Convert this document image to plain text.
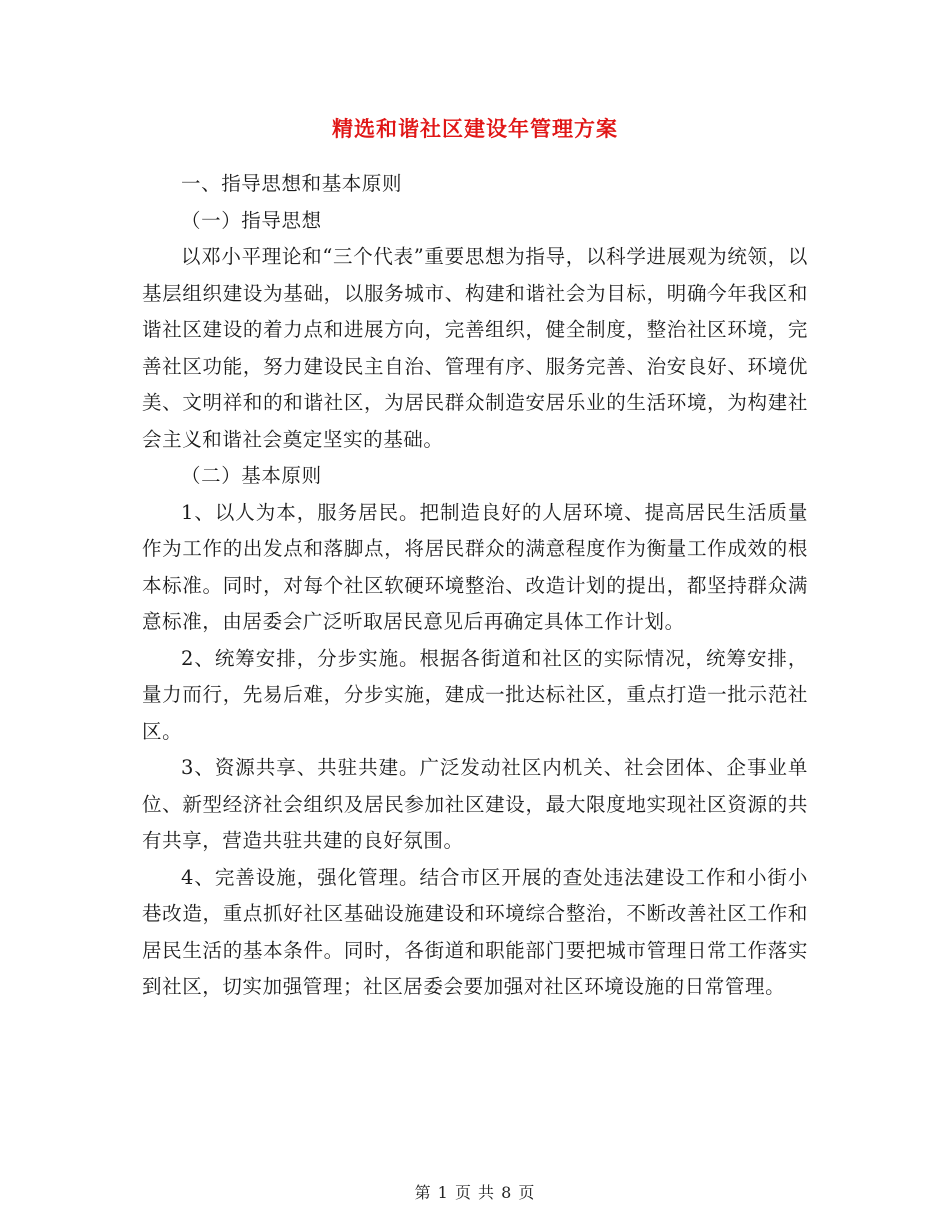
精选和谐社区建设年管理方案

一、指导思想和基本原则

（一）指导思想

以邓小平理论和“三个代表”重要思想为指导，以科学进展观为统领，以基层组织建设为基础，以服务城市、构建和谐社会为目标，明确今年我区和谐社区建设的着力点和进展方向，完善组织，健全制度，整治社区环境，完善社区功能，努力建设民主自治、管理有序、服务完善、治安良好、环境优美、文明祥和的和谐社区，为居民群众制造安居乐业的生活环境，为构建社会主义和谐社会奠定坚实的基础。

（二）基本原则

1、以人为本，服务居民。把制造良好的人居环境、提高居民生活质量作为工作的出发点和落脚点，将居民群众的满意程度作为衡量工作成效的根本标准。同时，对每个社区软硬环境整治、改造计划的提出，都坚持群众满意标准，由居委会广泛听取居民意见后再确定具体工作计划。

2、统筹安排，分步实施。根据各街道和社区的实际情况，统筹安排，量力而行，先易后难，分步实施，建成一批达标社区，重点打造一批示范社区。

3、资源共享、共驻共建。广泛发动社区内机关、社会团体、企事业单位、新型经济社会组织及居民参加社区建设，最大限度地实现社区资源的共有共享，营造共驻共建的良好氛围。

4、完善设施，强化管理。结合市区开展的查处违法建设工作和小街小巷改造，重点抓好社区基础设施建设和环境综合整治，不断改善社区工作和居民生活的基本条件。同时，各街道和职能部门要把城市管理日常工作落实到社区，切实加强管理；社区居委会要加强对社区环境设施的日常管理。

第 1 页 共 8 页
